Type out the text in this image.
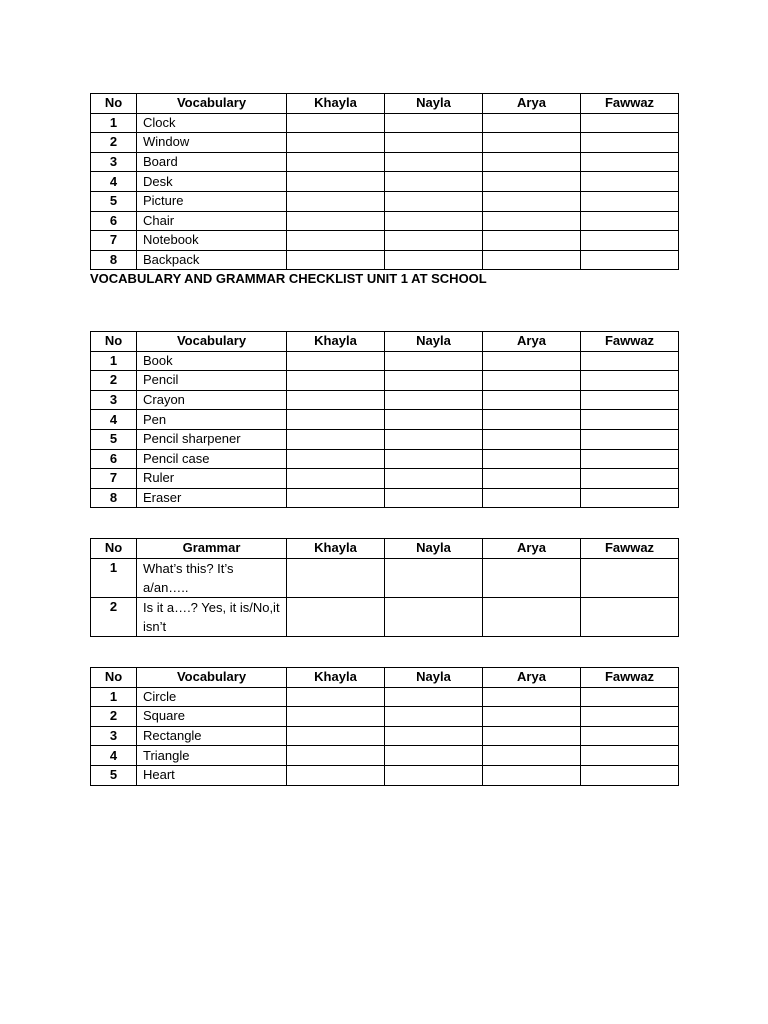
No	Vocabulary	Khayla	Nayla	Arya	Fawwaz
1	Clock				
2	Window				
3	Board				
4	Desk				
5	Picture				
6	Chair				
7	Notebook				
8	Backpack				
No	Vocabulary	Khayla	Nayla	Arya	Fawwaz
1	Book				
2	Pencil				
3	Crayon				
4	Pen				
5	Pencil sharpener				
6	Pencil case				
7	Ruler				
8	Eraser				
No	Grammar	Khayla	Nayla	Arya	Fawwaz
1	What’s this? It’s a/an…..				
2	Is it a….? Yes, it is/No,it isn’t				
No	Vocabulary	Khayla	Nayla	Arya	Fawwaz
1	Circle				
2	Square				
3	Rectangle				
4	Triangle				
5	Heart				
VOCABULARY AND GRAMMAR CHECKLIST UNIT 1 AT SCHOOL
